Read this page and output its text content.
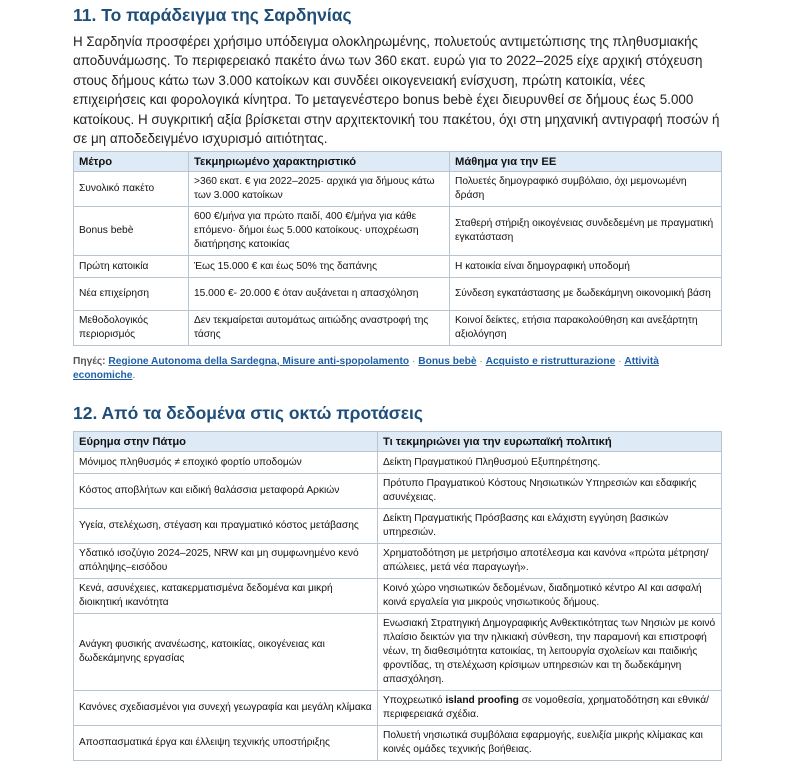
11. Το παράδειγμα της Σαρδηνίας
Η Σαρδηνία προσφέρει χρήσιμο υπόδειγμα ολοκληρωμένης, πολυετούς αντιμετώπισης της πληθυσμιακής αποδυνάμωσης. Το περιφερειακό πακέτο άνω των 360 εκατ. ευρώ για το 2022–2025 είχε αρχική στόχευση στους δήμους κάτω των 3.000 κατοίκων και συνδέει οικογενειακή ενίσχυση, πρώτη κατοικία, νέες επιχειρήσεις και φορολογικά κίνητρα. Το μεταγενέστερο bonus bebè έχει διευρυνθεί σε δήμους έως 5.000 κατοίκους. Η συγκριτική αξία βρίσκεται στην αρχιτεκτονική του πακέτου, όχι στη μηχανική αντιγραφή ποσών ή σε μη αποδεδειγμένο ισχυρισμό αιτιότητας.
Μέτρο	Τεκμηριωμένο χαρακτηριστικό	Μάθημα για την ΕΕ
Συνολικό πακέτο	>360 εκατ. € για 2022–2025· αρχικά για δήμους κάτω των 3.000 κατοίκων	Πολυετές δημογραφικό συμβόλαιο, όχι μεμονωμένη δράση
Bonus bebè	600 €/μήνα για πρώτο παιδί, 400 €/μήνα για κάθε επόμενο· δήμοι έως 5.000 κατοίκους· υποχρέωση διατήρησης κατοικίας	Σταθερή στήριξη οικογένειας συνδεδεμένη με πραγματική εγκατάσταση
Πρώτη κατοικία	Έως 15.000 € και έως 50% της δαπάνης	Η κατοικία είναι δημογραφική υποδομή
Νέα επιχείρηση	15.000 €- 20.000 € όταν αυξάνεται η απασχόληση	Σύνδεση εγκατάστασης με δωδεκάμηνη οικονομική βάση
Μεθοδολογικός περιορισμός	Δεν τεκμαίρεται αυτομάτως αιτιώδης αναστροφή της τάσης	Κοινοί δείκτες, ετήσια παρακολούθηση και ανεξάρτητη αξιολόγηση
Πηγές: Regione Autonoma della Sardegna, Misure anti-spopolamento · Bonus bebè · Acquisto e ristrutturazione · Attività economiche.
12. Από τα δεδομένα στις οκτώ προτάσεις
Εύρημα στην Πάτμο	Τι τεκμηριώνει για την ευρωπαϊκή πολιτική
Μόνιμος πληθυσμός ≠ εποχικό φορτίο υποδομών	Δείκτη Πραγματικού Πληθυσμού Εξυπηρέτησης.
Κόστος αποβλήτων και ειδική θαλάσσια μεταφορά Αρκιών	Πρότυπο Πραγματικού Κόστους Νησιωτικών Υπηρεσιών και εδαφικής ασυνέχειας.
Υγεία, στελέχωση, στέγαση και πραγματικό κόστος μετάβασης	Δείκτη Πραγματικής Πρόσβασης και ελάχιστη εγγύηση βασικών υπηρεσιών.
Υδατικό ισοζύγιο 2024–2025, NRW και μη συμφωνημένο κενό απόληψης–εισόδου	Χρηματοδότηση με μετρήσιμο αποτέλεσμα και κανόνα «πρώτα μέτρηση/απώλειες, μετά νέα παραγωγή».
Κενά, ασυνέχειες, κατακερματισμένα δεδομένα και μικρή διοικητική ικανότητα	Κοινό χώρο νησιωτικών δεδομένων, διαδημοτικό κέντρο AI και ασφαλή κοινά εργαλεία για μικρούς νησιωτικούς δήμους.
Ανάγκη φυσικής ανανέωσης, κατοικίας, οικογένειας και δωδεκάμηνης εργασίας	Ενωσιακή Στρατηγική Δημογραφικής Ανθεκτικότητας των Νησιών με κοινό πλαίσιο δεικτών για την ηλικιακή σύνθεση, την παραμονή και επιστροφή νέων, τη διαθεσιμότητα κατοικίας, τη λειτουργία σχολείων και παιδικής φροντίδας, τη στελέχωση κρίσιμων υπηρεσιών και τη δωδεκάμηνη απασχόληση.
Κανόνες σχεδιασμένοι για συνεχή γεωγραφία και μεγάλη κλίμακα	Υποχρεωτικό island proofing σε νομοθεσία, χρηματοδότηση και εθνικά/περιφερειακά σχέδια.
Αποσπασματικά έργα και έλλειψη τεχνικής υποστήριξης	Πολυετή νησιωτικά συμβόλαια εφαρμογής, ευελιξία μικρής κλίμακας και κοινές ομάδες τεχνικής βοήθειας.
